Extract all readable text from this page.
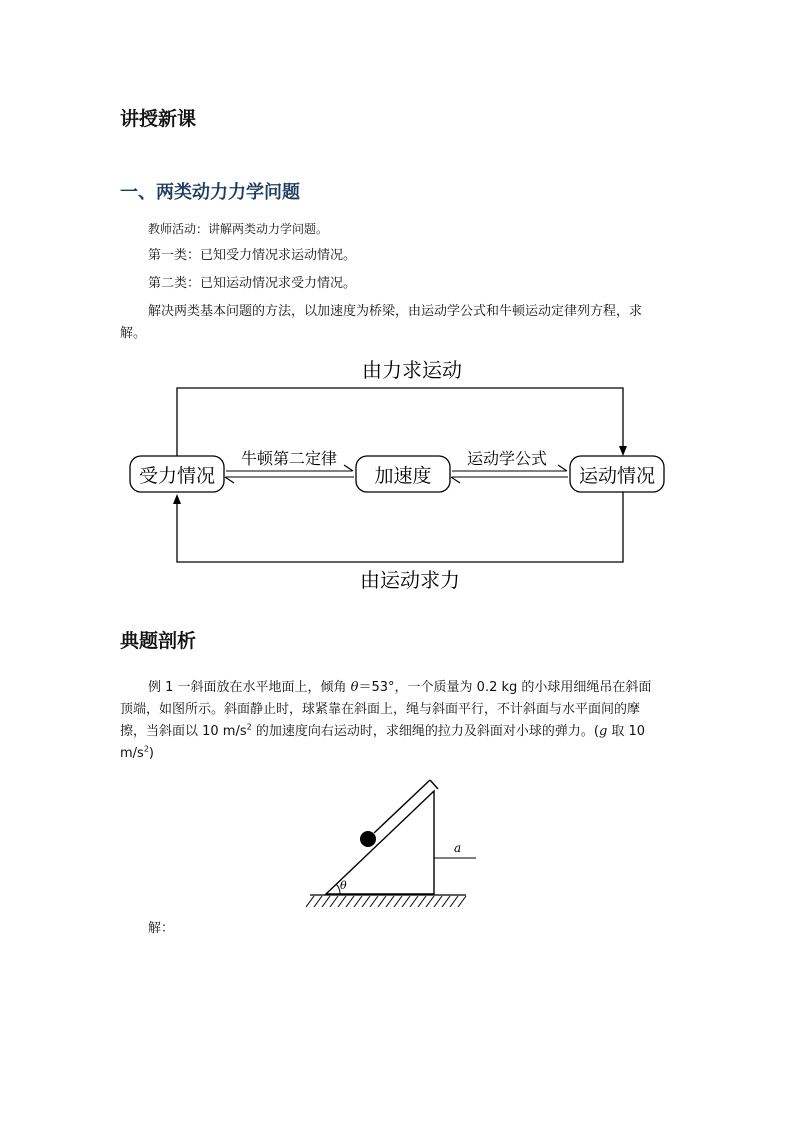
讲授新课
一、两类动力力学问题

教师活动：讲解两类动力学问题。

第一类：已知受力情况求运动情况。

第二类：已知运动情况求受力情况。

解决两类基本问题的方法，以加速度为桥梁，由运动学公式和牛顿运动定律列方程，求

解。

由力求运动
受力情况	加速度	运动情况
牛顿第二定律	运动学公式
由运动求力
典题剖析

例 1 一斜面放在水平地面上，倾角 θ＝53°，一个质量为 0.2 kg 的小球用细绳吊在斜面

顶端，如图所示。斜面静止时，球紧靠在斜面上，绳与斜面平行，不计斜面与水平面间的摩

擦，当斜面以 10 $m/s^2$ 的加速度向右运动时，求细绳的拉力及斜面对小球的弹力。(g 取 10

$m/s^2$)

θ
a

解：
